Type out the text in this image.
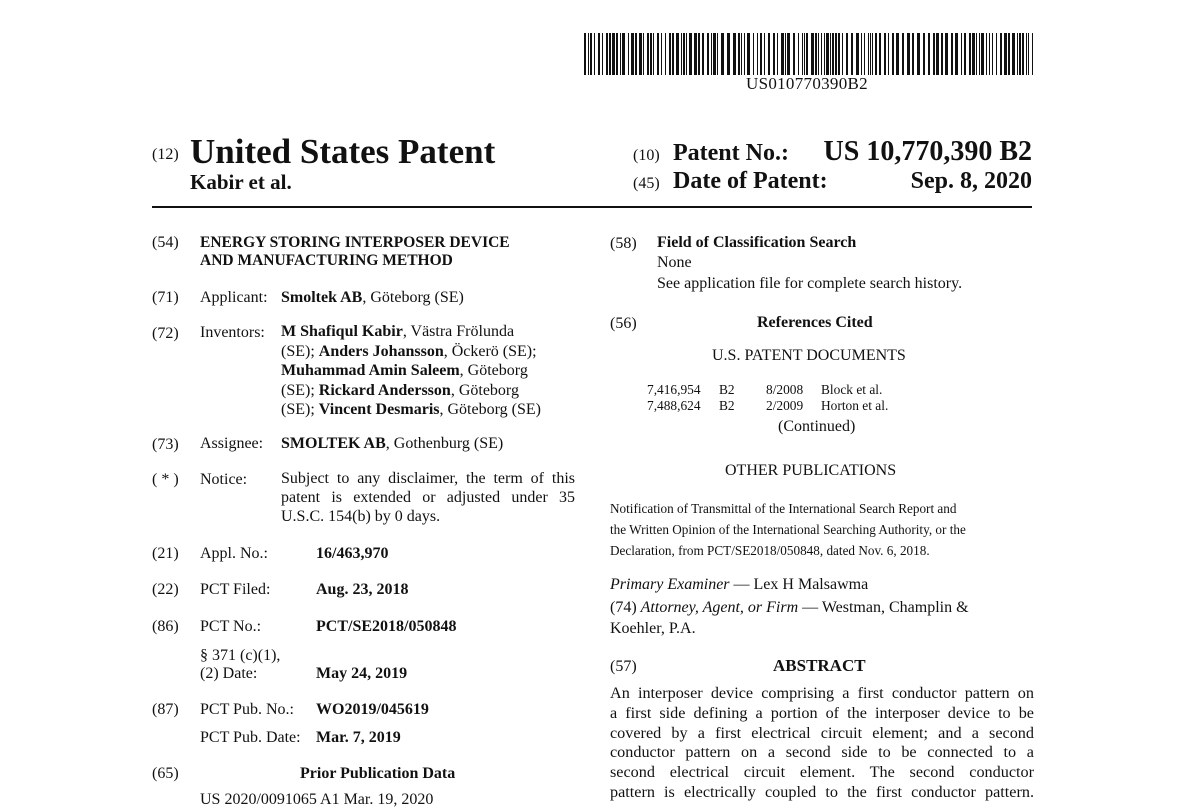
US010770390B2
(12) United States Patent
Kabir et al.
(10) Patent No.: US 10,770,390 B2
(45) Date of Patent:	Sep. 8, 2020
(54) ENERGY STORING INTERPOSER DEVICE
AND MANUFACTURING METHOD
(71) Applicant: Smoltek AB, Göteborg (SE)
(72) Inventors: M Shafiqul Kabir, Västra Frölunda
(SE); Anders Johansson, Öckerö (SE);
Muhammad Amin Saleem, Göteborg
(SE); Rickard Andersson, Göteborg
(SE); Vincent Desmaris, Göteborg (SE)
(73) Assignee: SMOLTEK AB, Gothenburg (SE)
( * ) Notice: Subject to any disclaimer, the term of this
patent is extended or adjusted under 35
U.S.C. 154(b) by 0 days.
(21) Appl. No.:	16/463,970
(22) PCT Filed:	Aug. 23, 2018
(86) PCT No.:	PCT/SE2018/050848
§ 371 (c)(1),
(2) Date:	May 24, 2019
(87) PCT Pub. No.: WO2019/045619
PCT Pub. Date: Mar. 7, 2019
(65)	Prior Publication Data
US 2020/0091065 A1 Mar. 19, 2020
(58) Field of Classification Search
None
See application file for complete search history.
(56)	References Cited
U.S. PATENT DOCUMENTS
7,416,954 B2 8/2008 Block et al.
7,488,624 B2 2/2009 Horton et al.
(Continued)
OTHER PUBLICATIONS
Notification of Transmittal of the International Search Report and
the Written Opinion of the International Searching Authority, or the
Declaration, from PCT/SE2018/050848, dated Nov. 6, 2018.
Primary Examiner — Lex H Malsawma
(74) Attorney, Agent, or Firm — Westman, Champlin &
Koehler, P.A.
(57)	ABSTRACT
An interposer device comprising a first conductor pattern on
a first side defining a portion of the interposer device to be
covered by a first electrical circuit element; and a second
conductor pattern on a second side to be connected to a
second electrical circuit element. The second conductor
pattern is electrically coupled to the first conductor pattern.
